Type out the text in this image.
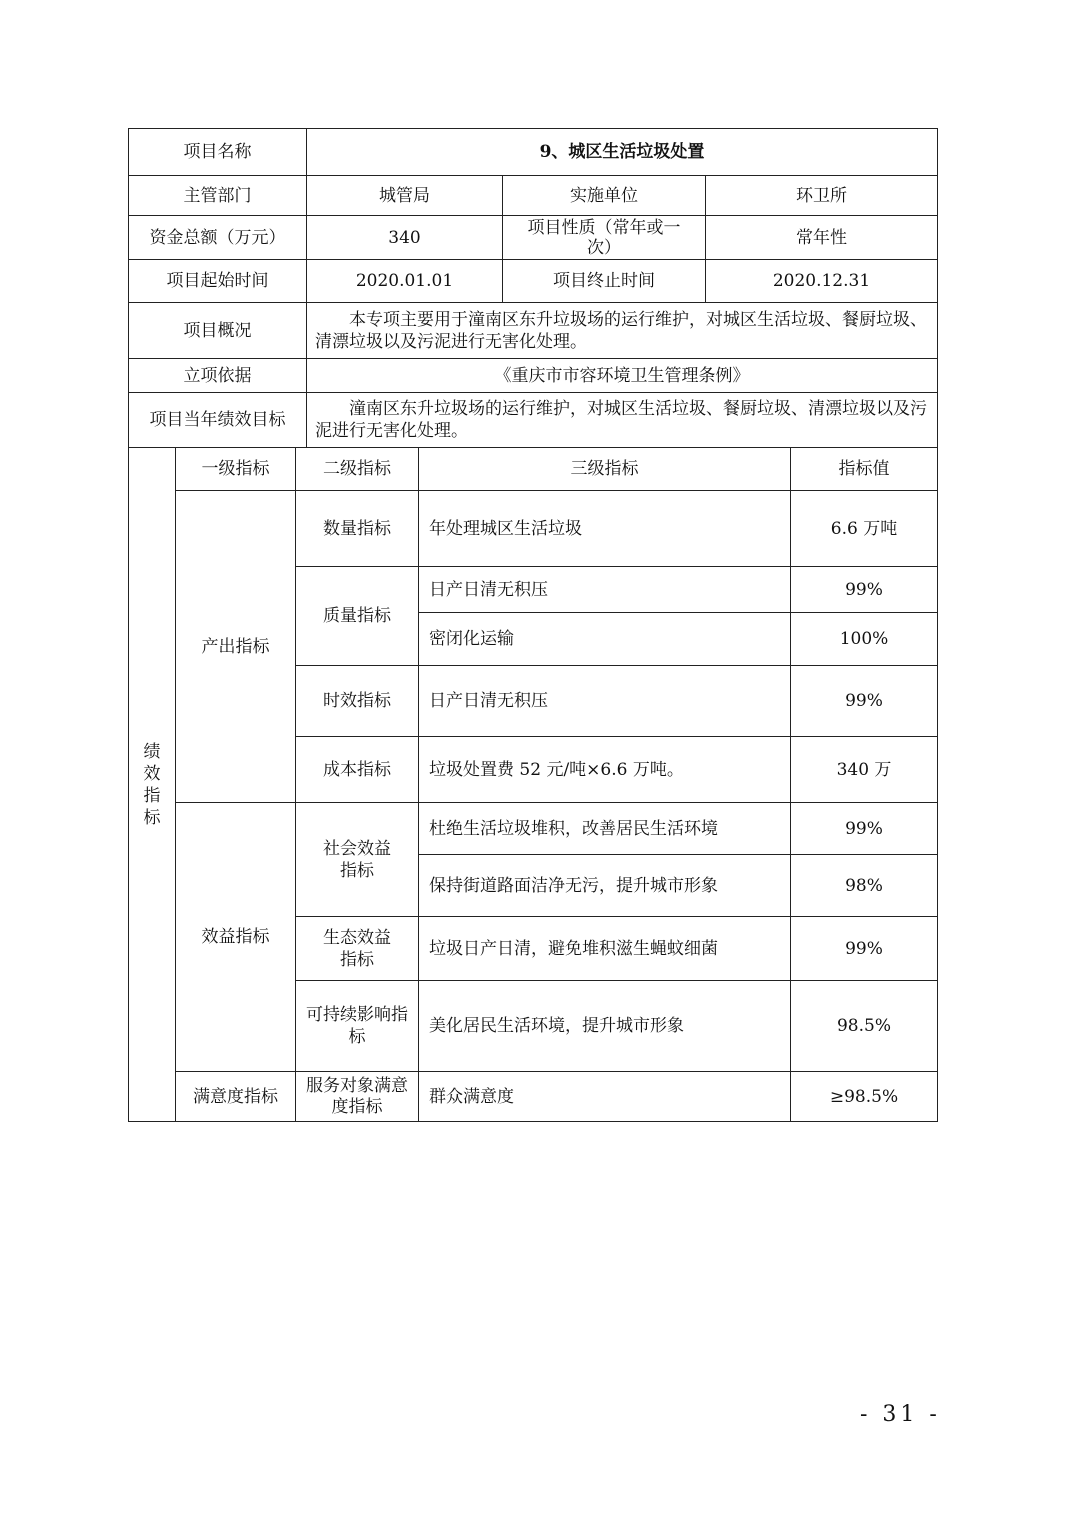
项目名称	9、城区生活垃圾处置		
主管部门	城管局	实施单位	环卫所
资金总额（万元）	340	项目性质（常年或一次）	常年性
项目起始时间	2020.01.01	项目终止时间	2020.12.31
项目概况	本专项主要用于潼南区东升垃圾场的运行维护，对城区生活垃圾、餐厨垃圾、清漂垃圾以及污泥进行无害化处理。		
立项依据	《重庆市市容环境卫生管理条例》		
项目当年绩效目标	潼南区东升垃圾场的运行维护，对城区生活垃圾、餐厨垃圾、清漂垃圾以及污泥进行无害化处理。		
绩效指标	一级指标	二级指标	三级指标	指标值
	产出指标	数量指标	年处理城区生活垃圾	6.6 万吨
		质量指标	日产日清无积压	99%
			密闭化运输	100%
		时效指标	日产日清无积压	99%
		成本指标	垃圾处置费 52 元/吨×6.6 万吨。	340 万
	效益指标	社会效益指标	杜绝生活垃圾堆积，改善居民生活环境	99%
			保持街道路面洁净无污，提升城市形象	98%

		生态效益指标	垃圾日产日清，避免堆积滋生蝇蚊细菌	99%

		可持续影响指标	美化居民生活环境，提升城市形象	98.5%
	满意度指标	服务对象满意度指标	群众满意度	≥98.5%
- 31 -
